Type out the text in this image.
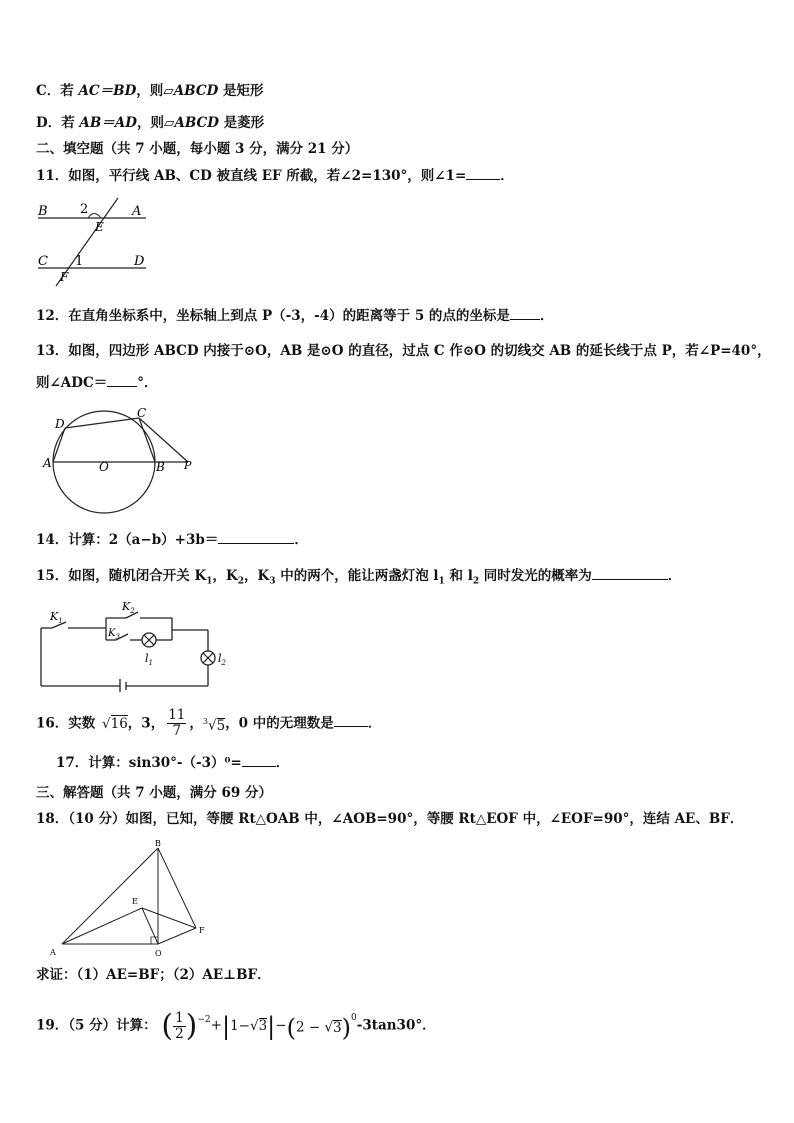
C．若 AC＝BD，则▱ABCD 是矩形
D．若 AB＝AD，则▱ABCD 是菱形
二、填空题（共 7 小题，每小题 3 分，满分 21 分）
11．如图，平行线 AB、CD 被直线 EF 所截，若∠2=130°，则∠1=	．
B	A
2
E
C 1	D
F
12．在直角坐标系中，坐标轴上到点 P（-3，-4）的距离等于 5 的点的坐标是 ．
13．如图，四边形 ABCD 内接于⊙O，AB 是⊙O 的直径，过点 C 作⊙O 的切线交 AB 的延长线于点 P，若∠P=40°，
则∠ADC＝ °．
D
C
A	O	B P
14．计算：2（a−b）+3b＝	．
15．如图，随机闭合开关 $K_1$，$K_2$，$K_3$ 中的两个，能让两盏灯泡 $l_1$ 和 $l_2$ 同时发光的概率为	．
$K_1$
$K_2$
$K_3$
$l_1$	$l_2$
16．实数 √16，3， $\frac{11}{7}$ ，$^3$√5，0 中的无理数是	．
17．计算：sin30°-（-3）⁰=	．
三、解答题（共 7 小题，满分 69 分）
18．（10 分）如图，已知，等腰 Rt△OAB 中，∠AOB=90°，等腰 Rt△EOF 中，∠EOF=90°，连结 AE、BF．
B
E
F
A	O
求证：（1）AE=BF；（2）AE⊥BF．
19．（5 分）计算： ( $\frac{1}{2} )^{-2}+|1-√3|-(2 - √3)^0-3\tan 30^\circ$．
